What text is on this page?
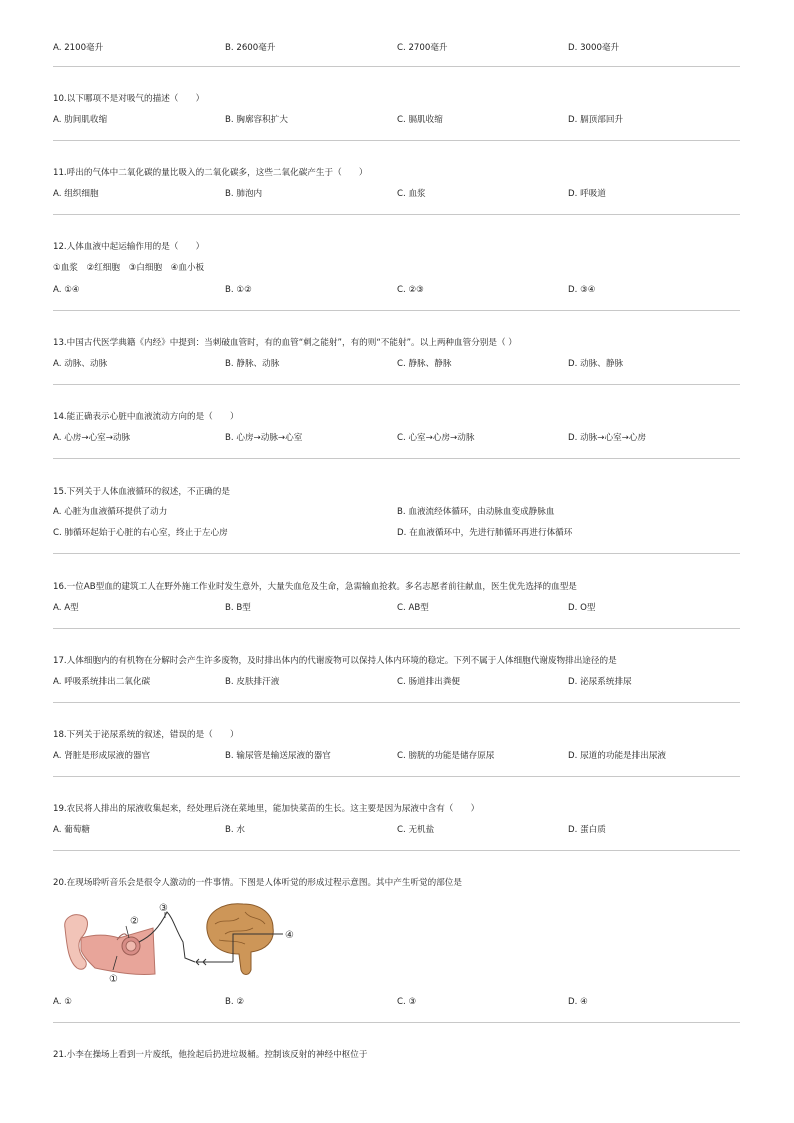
A. 2100毫升	B. 2600毫升	C. 2700毫升	D. 3000毫升
10.以下哪项不是对吸气的描述（　　）
A. 肋间肌收缩	B. 胸廓容积扩大	C. 膈肌收缩	D. 膈顶部回升
11.呼出的气体中二氧化碳的量比吸入的二氧化碳多，这些二氧化碳产生于（　　）
A. 组织细胞	B. 肺泡内	C. 血浆	D. 呼吸道
12.人体血液中起运输作用的是（　　）
①血浆　②红细胞　③白细胞　④血小板
A. ①④	B. ①②	C. ②③	D. ③④
13.中国古代医学典籍《内经》中提到：当刺破血管时，有的血管“刺之能射”，有的则“不能射”。以上两种血管分别是（ ）
A. 动脉、动脉	B. 静脉、动脉	C. 静脉、静脉	D. 动脉、静脉
14.能正确表示心脏中血液流动方向的是（　　）
A. 心房→心室→动脉	B. 心房→动脉→心室	C. 心室→心房→动脉	D. 动脉→心室→心房
15.下列关于人体血液循环的叙述，不正确的是
A. 心脏为血液循环提供了动力	B. 血液流经体循环，由动脉血变成静脉血
C. 肺循环起始于心脏的右心室，终止于左心房	D. 在血液循环中，先进行肺循环再进行体循环
16.一位AB型血的建筑工人在野外施工作业时发生意外，大量失血危及生命，急需输血抢救。多名志愿者前往献血，医生优先选择的血型是
A. A型	B. B型	C. AB型	D. O型
17.人体细胞内的有机物在分解时会产生许多废物，及时排出体内的代谢废物可以保持人体内环境的稳定。下列不属于人体细胞代谢废物排出途径的是
A. 呼吸系统排出二氧化碳	B. 皮肤排汗液	C. 肠道排出粪便	D. 泌尿系统排尿
18.下列关于泌尿系统的叙述，错误的是（　　）
A. 肾脏是形成尿液的器官	B. 输尿管是输送尿液的器官	C. 膀胱的功能是储存原尿	D. 尿道的功能是排出尿液
19.农民将人排出的尿液收集起来，经处理后浇在菜地里，能加快菜苗的生长。这主要是因为尿液中含有（　　）
A. 葡萄糖	B. 水	C. 无机盐	D. 蛋白质
20.在现场聆听音乐会是很令人激动的一件事情。下图是人体听觉的形成过程示意图。其中产生听觉的部位是
①
②
③
④
A. ①	B. ②	C. ③	D. ④
21.小李在操场上看到一片废纸，他捡起后扔进垃圾桶。控制该反射的神经中枢位于
